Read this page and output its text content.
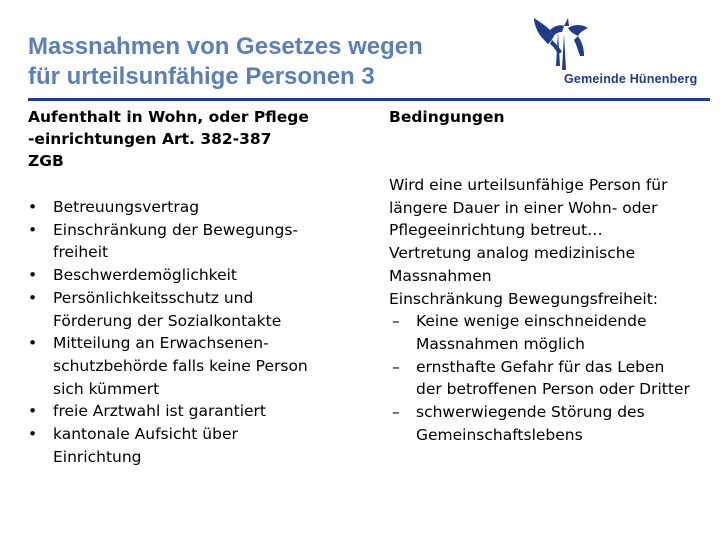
Massnahmen von Gesetzes wegen
für urteilsunfähige Personen 3	Gemeinde Hünenberg
Aufenthalt in Wohn, oder Pflege
-einrichtungen Art. 382-387
ZGB
• Betreuungsvertrag
• Einschränkung der Bewegungs-
freiheit
• Beschwerdemöglichkeit
• Persönlichkeitsschutz und
Förderung der Sozialkontakte
• Mitteilung an Erwachsenen-
schutzbehörde falls keine Person
sich kümmert
• freie Arztwahl ist garantiert
• kantonale Aufsicht über
Einrichtung
Bedingungen
Wird eine urteilsunfähige Person für
längere Dauer in einer Wohn- oder
Pflegeeinrichtung betreut…
Vertretung analog medizinische
Massnahmen
Einschränkung Bewegungsfreiheit:
– Keine wenige einschneidende
Massnahmen möglich
– ernsthafte Gefahr für das Leben
der betroffenen Person oder Dritter
– schwerwiegende Störung des
Gemeinschaftslebens
